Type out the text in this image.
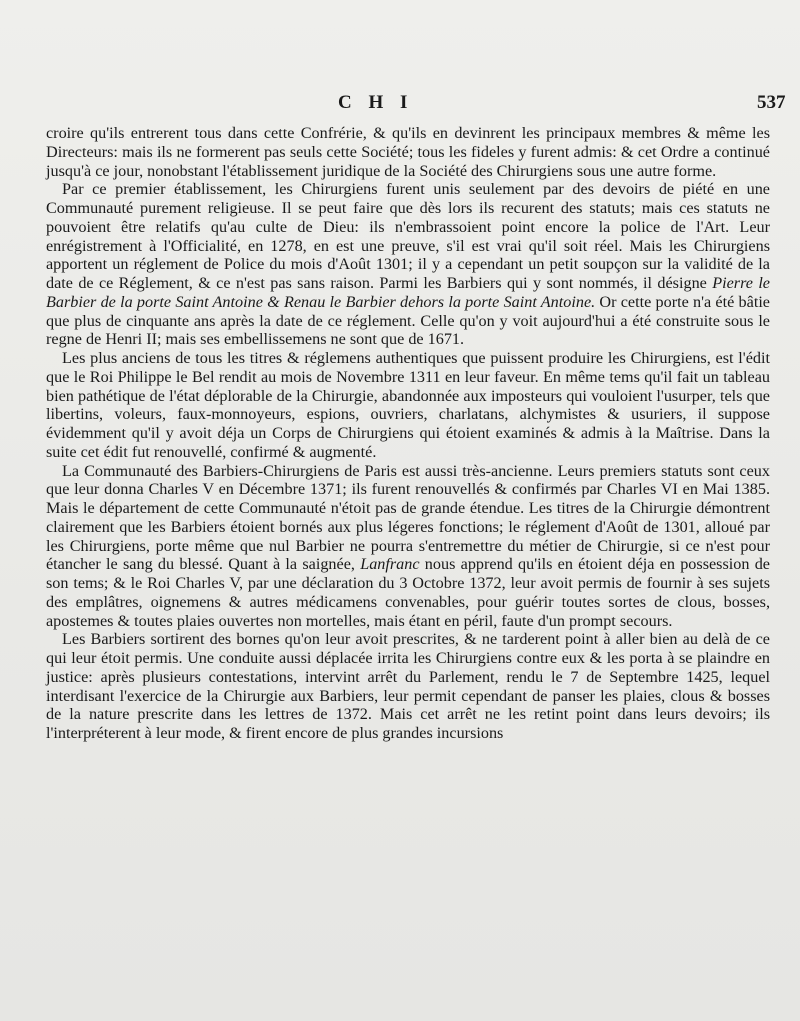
C H I	537

croire qu'ils entrerent tous dans cette Confrérie, & qu'ils en devinrent les principaux membres & même les Directeurs: mais ils ne formerent pas seuls cette Société; tous les fideles y furent admis: & cet Ordre a continué jusqu'à ce jour, nonobstant l'établissement juridique de la Société des Chirurgiens sous une autre forme.

Par ce premier établissement, les Chirurgiens furent unis seulement par des devoirs de piété en une Communauté purement religieuse. Il se peut faire que dès lors ils recurent des statuts; mais ces statuts ne pouvoient être relatifs qu'au culte de Dieu: ils n'embrassoient point encore la police de l'Art. Leur enrégistrement à l'Officialité, en 1278, en est une preuve, s'il est vrai qu'il soit réel. Mais les Chirurgiens apportent un réglement de Police du mois d'Août 1301; il y a cependant un petit soupçon sur la validité de la date de ce Réglement, & ce n'est pas sans raison. Parmi les Barbiers qui y sont nommés, il désigne Pierre le Barbier de la porte Saint Antoine & Renau le Barbier dehors la porte Saint Antoine. Or cette porte n'a été bâtie que plus de cinquante ans après la date de ce réglement. Celle qu'on y voit aujourd'hui a été construite sous le regne de Henri II; mais ses embellissemens ne sont que de 1671.

Les plus anciens de tous les titres & réglemens authentiques que puissent produire les Chirurgiens, est l'édit que le Roi Philippe le Bel rendit au mois de Novembre 1311 en leur faveur. En même tems qu'il fait un tableau bien pathétique de l'état déplorable de la Chirurgie, abandonnée aux imposteurs qui vouloient l'usurper, tels que libertins, voleurs, faux-monnoyeurs, espions, ouvriers, charlatans, alchymistes & usuriers, il suppose évidemment qu'il y avoit déja un Corps de Chirurgiens qui étoient examinés & admis à la Maîtrise. Dans la suite cet édit fut renouvellé, confirmé & augmenté.

La Communauté des Barbiers-Chirurgiens de Paris est aussi très-ancienne. Leurs premiers statuts sont ceux que leur donna Charles V en Décembre 1371; ils furent renouvellés & confirmés par Charles VI en Mai 1385. Mais le département de cette Communauté n'étoit pas de grande étendue. Les titres de la Chirurgie démontrent clairement que les Barbiers étoient bornés aux plus légeres fonctions; le réglement d'Août de 1301, alloué par les Chirurgiens, porte même que nul Barbier ne pourra s'entremettre du métier de Chirurgie, si ce n'est pour étancher le sang du blessé. Quant à la saignée, Lanfranc nous apprend qu'ils en étoient déja en possession de son tems; & le Roi Charles V, par une déclaration du 3 Octobre 1372, leur avoit permis de fournir à ses sujets des emplâtres, oignemens & autres médicamens convenables, pour guérir toutes sortes de clous, bosses, apostemes & toutes plaies ouvertes non mortelles, mais étant en péril, faute d'un prompt secours.

Les Barbiers sortirent des bornes qu'on leur avoit prescrites, & ne tarderent point à aller bien au delà de ce qui leur étoit permis. Une conduite aussi déplacée irrita les Chirurgiens contre eux & les porta à se plaindre en justice: après plusieurs contestations, intervint arrêt du Parlement, rendu le 7 de Septembre 1425, lequel interdisant l'exercice de la Chirurgie aux Barbiers, leur permit cependant de panser les plaies, clous & bosses de la nature prescrite dans les lettres de 1372. Mais cet arrêt ne les retint point dans leurs devoirs; ils l'interpréterent à leur mode, & firent encore de plus grandes incursions
